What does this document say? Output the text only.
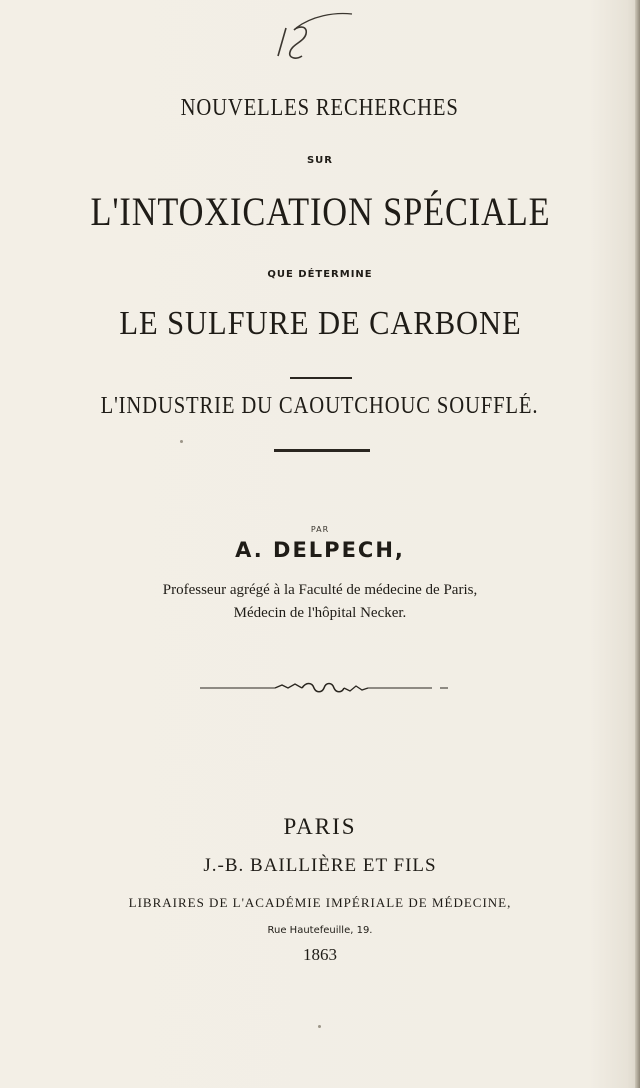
15
NOUVELLES RECHERCHES
SUR
L'INTOXICATION SPÉCIALE
QUE DÉTERMINE
LE SULFURE DE CARBONE
L'INDUSTRIE DU CAOUTCHOUC SOUFFLÉ.
PAR
A. DELPECH,
Professeur agrégé à la Faculté de médecine de Paris,
Médecin de l'hôpital Necker.
PARIS
J.-B. BAILLIÈRE ET FILS
LIBRAIRES DE L'ACADÉMIE IMPÉRIALE DE MÉDECINE,
Rue Hautefeuille, 19.
1863
